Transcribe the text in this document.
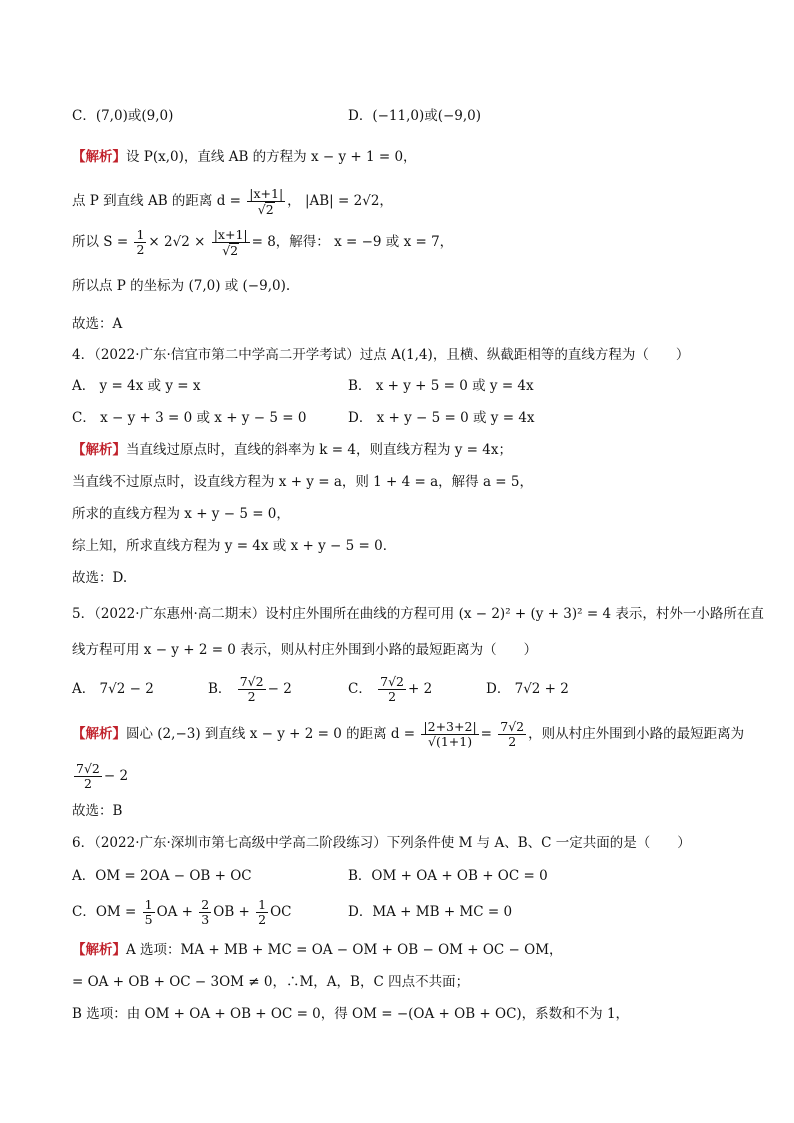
C．(7,0)或(9,0)	D．(−11,0)或(−9,0)
【解析】设 P(x,0)，直线 AB 的方程为 x − y + 1 = 0，
点 P 到直线 AB 的距离 $d = \frac{|x+1|}{√2}$ ， |AB| = 2√2，
所以 $S = \frac{1}{2} \times 2√2 \times \frac{|x+1|}{√2} = 8$，解得： x = −9 或 x = 7，
所以点 P 的坐标为 (7,0) 或 (−9,0).
故选：A
4．（2022·广东·信宜市第二中学高二开学考试）过点 A(1,4)，且横、纵截距相等的直线方程为（　　）
A． y = 4x 或 y = x	B． x + y + 5 = 0 或 y = 4x
C． x − y + 3 = 0 或 x + y − 5 = 0	D． x + y − 5 = 0 或 y = 4x
【解析】当直线过原点时，直线的斜率为 k = 4，则直线方程为 y = 4x；
当直线不过原点时，设直线方程为 x + y = a，则 1 + 4 = a，解得 a = 5，
所求的直线方程为 x + y − 5 = 0，
综上知，所求直线方程为 y = 4x 或 x + y − 5 = 0．
故选：D.
5．（2022·广东惠州·高二期末）设村庄外围所在曲线的方程可用 (x − 2)² + (y + 3)² = 4 表示，村外一小路所在直
线方程可用 x − y + 2 = 0 表示，则从村庄外围到小路的最短距离为（　　）
A． 7√2 − 2	B． $\frac{7√2}{2} - 2$	C． $\frac{7√2}{2} + 2$	D． 7√2 + 2
【解析】圆心 (2,−3) 到直线 x − y + 2 = 0 的距离 $d = \frac{|2+3+2|}{√(1+1)} = \frac{7√2}{2}$ ，则从村庄外围到小路的最短距离为
$\frac{7√2}{2} - 2$
故选：B
6．（2022·广东·深圳市第七高级中学高二阶段练习）下列条件使 M 与 A、B、C 一定共面的是（　　）
A．OM = 2OA − OB + OC	B．OM + OA + OB + OC = 0
C．OM = $\frac{1}{5}$ OA + $\frac{2}{3}$ OB + $\frac{1}{2}$ OC	D．MA + MB + MC = 0
【解析】A 选项：MA + MB + MC = OA − OM + OB − OM + OC − OM，
= OA + OB + OC − 3OM ≠ 0，∴M，A，B，C 四点不共面；
B 选项：由 OM + OA + OB + OC = 0，得 OM = −(OA + OB + OC)，系数和不为 1，
